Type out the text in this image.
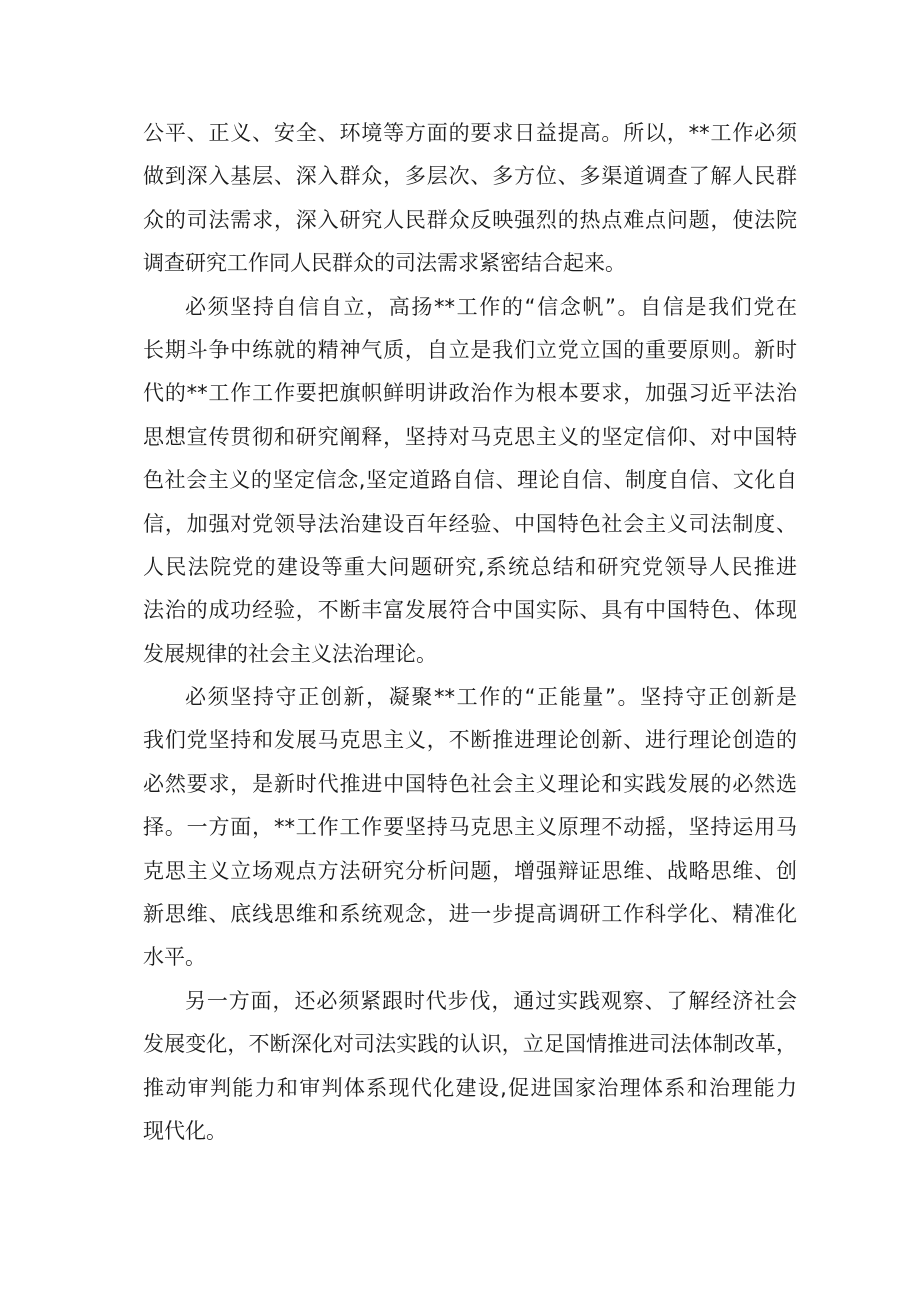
公平、正义、安全、环境等方面的要求日益提高。所以，**工作必须
做到深入基层、深入群众，多层次、多方位、多渠道调查了解人民群
众的司法需求，深入研究人民群众反映强烈的热点难点问题，使法院
调查研究工作同人民群众的司法需求紧密结合起来。
必须坚持自信自立，高扬**工作的“信念帆”。自信是我们党在
长期斗争中练就的精神气质，自立是我们立党立国的重要原则。新时
代的**工作工作要把旗帜鲜明讲政治作为根本要求，加强习近平法治
思想宣传贯彻和研究阐释，坚持对马克思主义的坚定信仰、对中国特
色社会主义的坚定信念,坚定道路自信、理论自信、制度自信、文化自
信，加强对党领导法治建设百年经验、中国特色社会主义司法制度、
人民法院党的建设等重大问题研究,系统总结和研究党领导人民推进
法治的成功经验，不断丰富发展符合中国实际、具有中国特色、体现
发展规律的社会主义法治理论。
必须坚持守正创新，凝聚**工作的“正能量”。坚持守正创新是
我们党坚持和发展马克思主义，不断推进理论创新、进行理论创造的
必然要求，是新时代推进中国特色社会主义理论和实践发展的必然选
择。一方面，**工作工作要坚持马克思主义原理不动摇，坚持运用马
克思主义立场观点方法研究分析问题，增强辩证思维、战略思维、创
新思维、底线思维和系统观念，进一步提高调研工作科学化、精准化
水平。
另一方面，还必须紧跟时代步伐，通过实践观察、了解经济社会
发展变化，不断深化对司法实践的认识，立足国情推进司法体制改革，
推动审判能力和审判体系现代化建设,促进国家治理体系和治理能力
现代化。
